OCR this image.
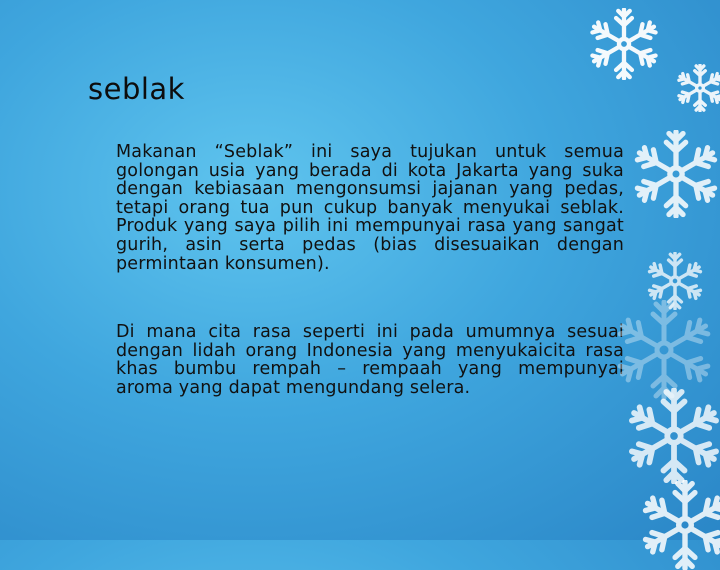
seblak

Makanan “Seblak” ini saya tujukan untuk semua golongan usia yang berada di kota Jakarta yang suka dengan kebiasaan mengonsumsi jajanan yang pedas, tetapi orang tua pun cukup banyak menyukai seblak. Produk yang saya pilih ini mempunyai rasa yang sangat gurih, asin serta pedas (bias disesuaikan dengan permintaan konsumen).

Di mana cita rasa seperti ini pada umumnya sesuai dengan lidah orang Indonesia yang menyukaicita rasa khas bumbu rempah – rempaah yang mempunyai aroma yang dapat mengundang selera.
